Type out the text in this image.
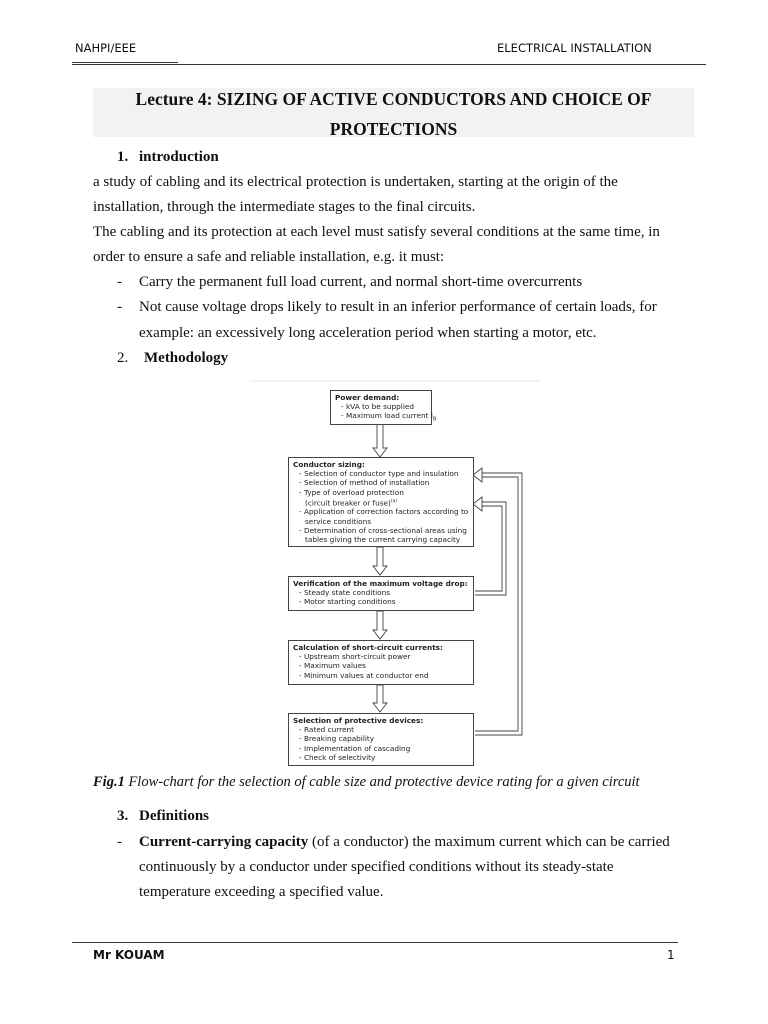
NAHPI/EEE	ELECTRICAL INSTALLATION
Lecture 4: SIZING OF ACTIVE CONDUCTORS AND CHOICE OF
PROTECTIONS
1. introduction
a study of cabling and its electrical protection is undertaken, starting at the origin of the
installation, through the intermediate stages to the final circuits.
The cabling and its protection at each level must satisfy several conditions at the same time, in
order to ensure a safe and reliable installation, e.g. it must:
- Carry the permanent full load current, and normal short-time overcurrents
- Not cause voltage drops likely to result in an inferior performance of certain loads, for
example: an excessively long acceleration period when starting a motor, etc.
2. Methodology
Power demand:
- kVA to be supplied
- Maximum load current $I_B$
Conductor sizing:
- Selection of conductor type and insulation
- Selection of method of installation
- Type of overload protection
(circuit breaker or fuse)$^{(a)}$
- Application of correction factors according to
service conditions
- Determination of cross-sectional areas using
tables giving the current carrying capacity
Verification of the maximum voltage drop:
- Steady state conditions
- Motor starting conditions
Calculation of short-circuit currents:
- Upstream short-circuit power
- Maximum values
- Minimum values at conductor end
Selection of protective devices:
- Rated current
- Breaking capability
- Implementation of cascading
- Check of selectivity
Fig.1 Flow-chart for the selection of cable size and protective device rating for a given circuit
3. Definitions
- Current-carrying capacity (of a conductor) the maximum current which can be carried
continuously by a conductor under specified conditions without its steady-state
temperature exceeding a specified value.
Mr KOUAM	1
